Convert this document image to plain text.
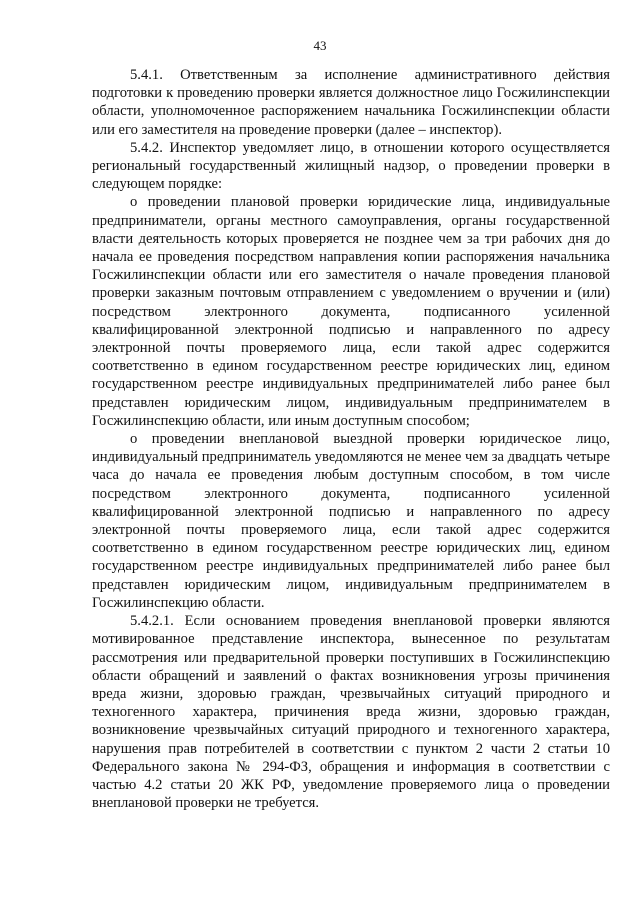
43

5.4.1. Ответственным за исполнение административного действия подготовки к проведению проверки является должностное лицо Госжилинспекции области, уполномоченное распоряжением начальника Госжилинспекции области или его заместителя на проведение проверки (далее – инспектор).

5.4.2. Инспектор уведомляет лицо, в отношении которого осуществляется региональный государственный жилищный надзор, о проведении проверки в следующем порядке:

о проведении плановой проверки юридические лица, индивидуальные предприниматели, органы местного самоуправления, органы государственной власти деятельность которых проверяется не позднее чем за три рабочих дня до начала ее проведения посредством направления копии распоряжения начальника Госжилинспекции области или его заместителя о начале проведения плановой проверки заказным почтовым отправлением с уведомлением о вручении и (или) посредством электронного документа, подписанного усиленной квалифицированной электронной подписью и направленного по адресу электронной почты проверяемого лица, если такой адрес содержится соответственно в едином государственном реестре юридических лиц, едином государственном реестре индивидуальных предпринимателей либо ранее был представлен юридическим лицом, индивидуальным предпринимателем в Госжилинспекцию области, или иным доступным способом;

о проведении внеплановой выездной проверки юридическое лицо, индивидуальный предприниматель уведомляются не менее чем за двадцать четыре часа до начала ее проведения любым доступным способом, в том числе посредством электронного документа, подписанного усиленной квалифицированной электронной подписью и направленного по адресу электронной почты проверяемого лица, если такой адрес содержится соответственно в едином государственном реестре юридических лиц, едином государственном реестре индивидуальных предпринимателей либо ранее был представлен юридическим лицом, индивидуальным предпринимателем в Госжилинспекцию области.

5.4.2.1. Если основанием проведения внеплановой проверки являются мотивированное представление инспектора, вынесенное по результатам рассмотрения или предварительной проверки поступивших в Госжилинспекцию области обращений и заявлений о фактах возникновения угрозы причинения вреда жизни, здоровью граждан, чрезвычайных ситуаций природного и техногенного характера, причинения вреда жизни, здоровью граждан, возникновение чрезвычайных ситуаций природного и техногенного характера, нарушения прав потребителей в соответствии с пунктом 2 части 2 статьи 10 Федерального закона № 294-ФЗ, обращения и информация в соответствии с частью 4.2 статьи 20 ЖК РФ, уведомление проверяемого лица о проведении внеплановой проверки не требуется.
